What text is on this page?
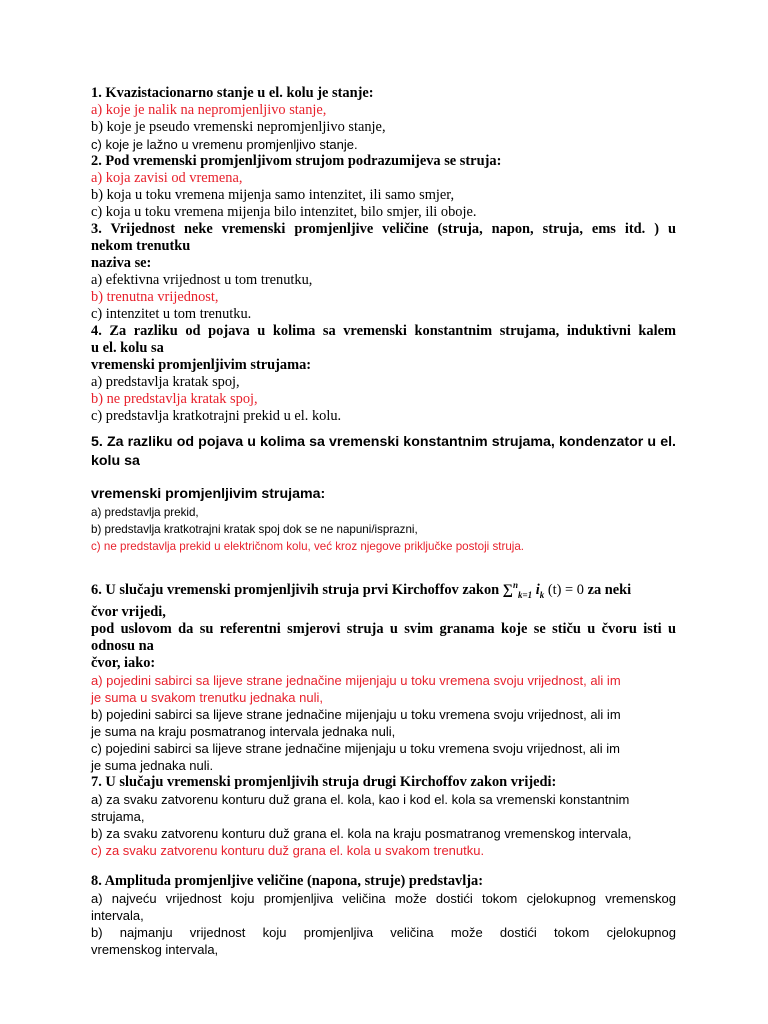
1. Kvazistacionarno stanje u el. kolu je stanje:
a) koje je nalik na nepromjenljivo stanje,
b) koje je pseudo vremenski nepromjenljivo stanje,
c) koje je lažno u vremenu promjenljivo stanje.
2. Pod vremenski promjenljivom strujom podrazumijeva se struja:
a) koja zavisi od vremena,
b) koja u toku vremena mijenja samo intenzitet, ili samo smjer,
c) koja u toku vremena mijenja bilo intenzitet, bilo smjer, ili oboje.
3. Vrijednost neke vremenski promjenljive veličine (struja, napon, struja, ems itd. ) u
nekom trenutku
naziva se:
a) efektivna vrijednost u tom trenutku,
b) trenutna vrijednost,
c) intenzitet u tom trenutku.
4. Za razliku od pojava u kolima sa vremenski konstantnim strujama, induktivni kalem
u el. kolu sa
vremenski promjenljivim strujama:
a) predstavlja kratak spoj,
b) ne predstavlja kratak spoj,
c) predstavlja kratkotrajni prekid u el. kolu.
5. Za razliku od pojava u kolima sa vremenski konstantnim strujama, kondenzator u el.
kolu sa
vremenski promjenljivim strujama:
a) predstavlja prekid,
b) predstavlja kratkotrajni kratak spoj dok se ne napuni/isprazni,
c) ne predstavlja prekid u električnom kolu, već kroz njegove priključke postoji struja.
6. U slučaju vremenski promjenljivih struja prvi Kirchoffov zakon ∑$^n_{k=1}$ $i_k$ (t) = 0 za neki
čvor vrijedi,
pod uslovom da su referentni smjerovi struja u svim granama koje se stiču u čvoru isti u
odnosu na
čvor, iako:
a) pojedini sabirci sa lijeve strane jednačine mijenjaju u toku vremena svoju vrijednost, ali im
je suma u svakom trenutku jednaka nuli,
b) pojedini sabirci sa lijeve strane jednačine mijenjaju u toku vremena svoju vrijednost, ali im
je suma na kraju posmatranog intervala jednaka nuli,
c) pojedini sabirci sa lijeve strane jednačine mijenjaju u toku vremena svoju vrijednost, ali im
je suma jednaka nuli.
7. U slučaju vremenski promjenljivih struja drugi Kirchoffov zakon vrijedi:
a) za svaku zatvorenu konturu duž grana el. kola, kao i kod el. kola sa vremenski konstantnim
strujama,
b) za svaku zatvorenu konturu duž grana el. kola na kraju posmatranog vremenskog intervala,
c) za svaku zatvorenu konturu duž grana el. kola u svakom trenutku.
8. Amplituda promjenljive veličine (napona, struje) predstavlja:
a) najveću vrijednost koju promjenljiva veličina može dostići tokom cjelokupnog vremenskog
intervala,
b) najmanju vrijednost koju promjenljiva veličina može dostići tokom cjelokupnog
vremenskog intervala,
